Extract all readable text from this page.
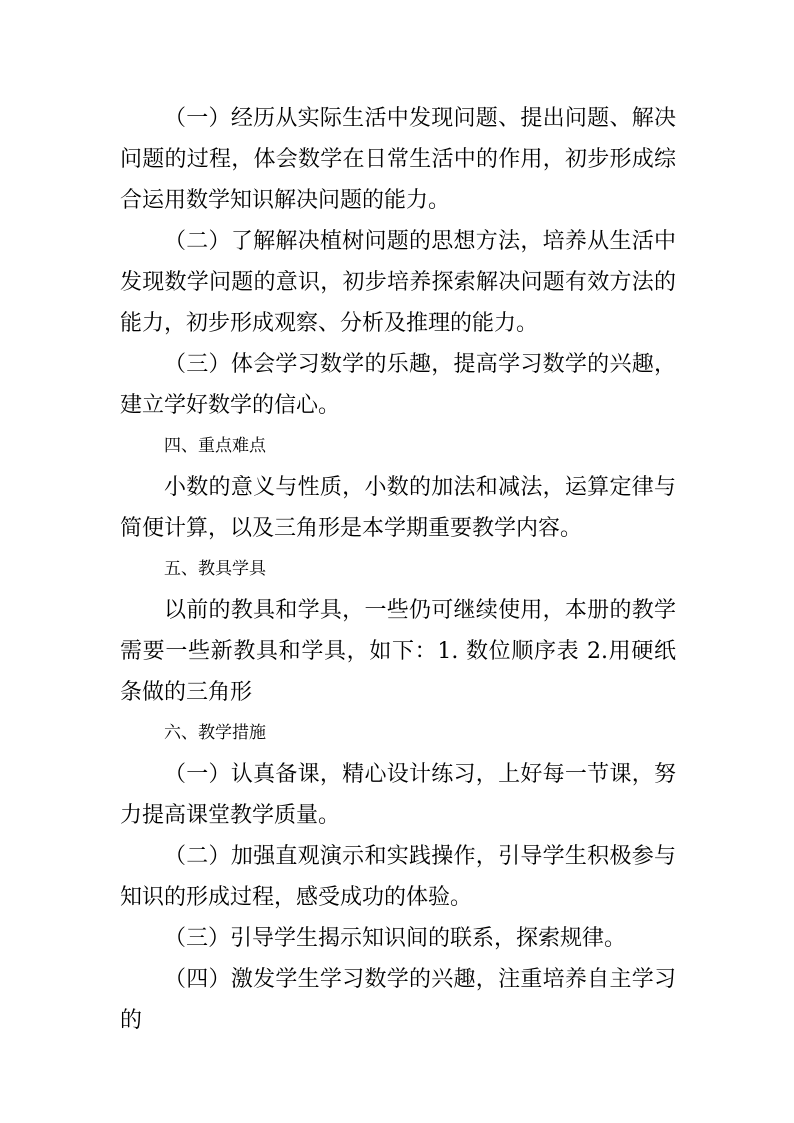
（一）经历从实际生活中发现问题、提出问题、解决问题的过程，体会数学在日常生活中的作用，初步形成综合运用数学知识解决问题的能力。

（二）了解解决植树问题的思想方法，培养从生活中发现数学问题的意识，初步培养探索解决问题有效方法的能力，初步形成观察、分析及推理的能力。

（三）体会学习数学的乐趣，提高学习数学的兴趣，建立学好数学的信心。

四、重点难点

小数的意义与性质，小数的加法和减法，运算定律与简便计算，以及三角形是本学期重要教学内容。

五、教具学具

以前的教具和学具，一些仍可继续使用，本册的教学需要一些新教具和学具，如下：1. 数位顺序表 2.用硬纸条做的三角形

六、教学措施

（一）认真备课，精心设计练习，上好每一节课，努力提高课堂教学质量。

（二）加强直观演示和实践操作，引导学生积极参与知识的形成过程，感受成功的体验。

（三）引导学生揭示知识间的联系，探索规律。

（四）激发学生学习数学的兴趣，注重培养自主学习的
